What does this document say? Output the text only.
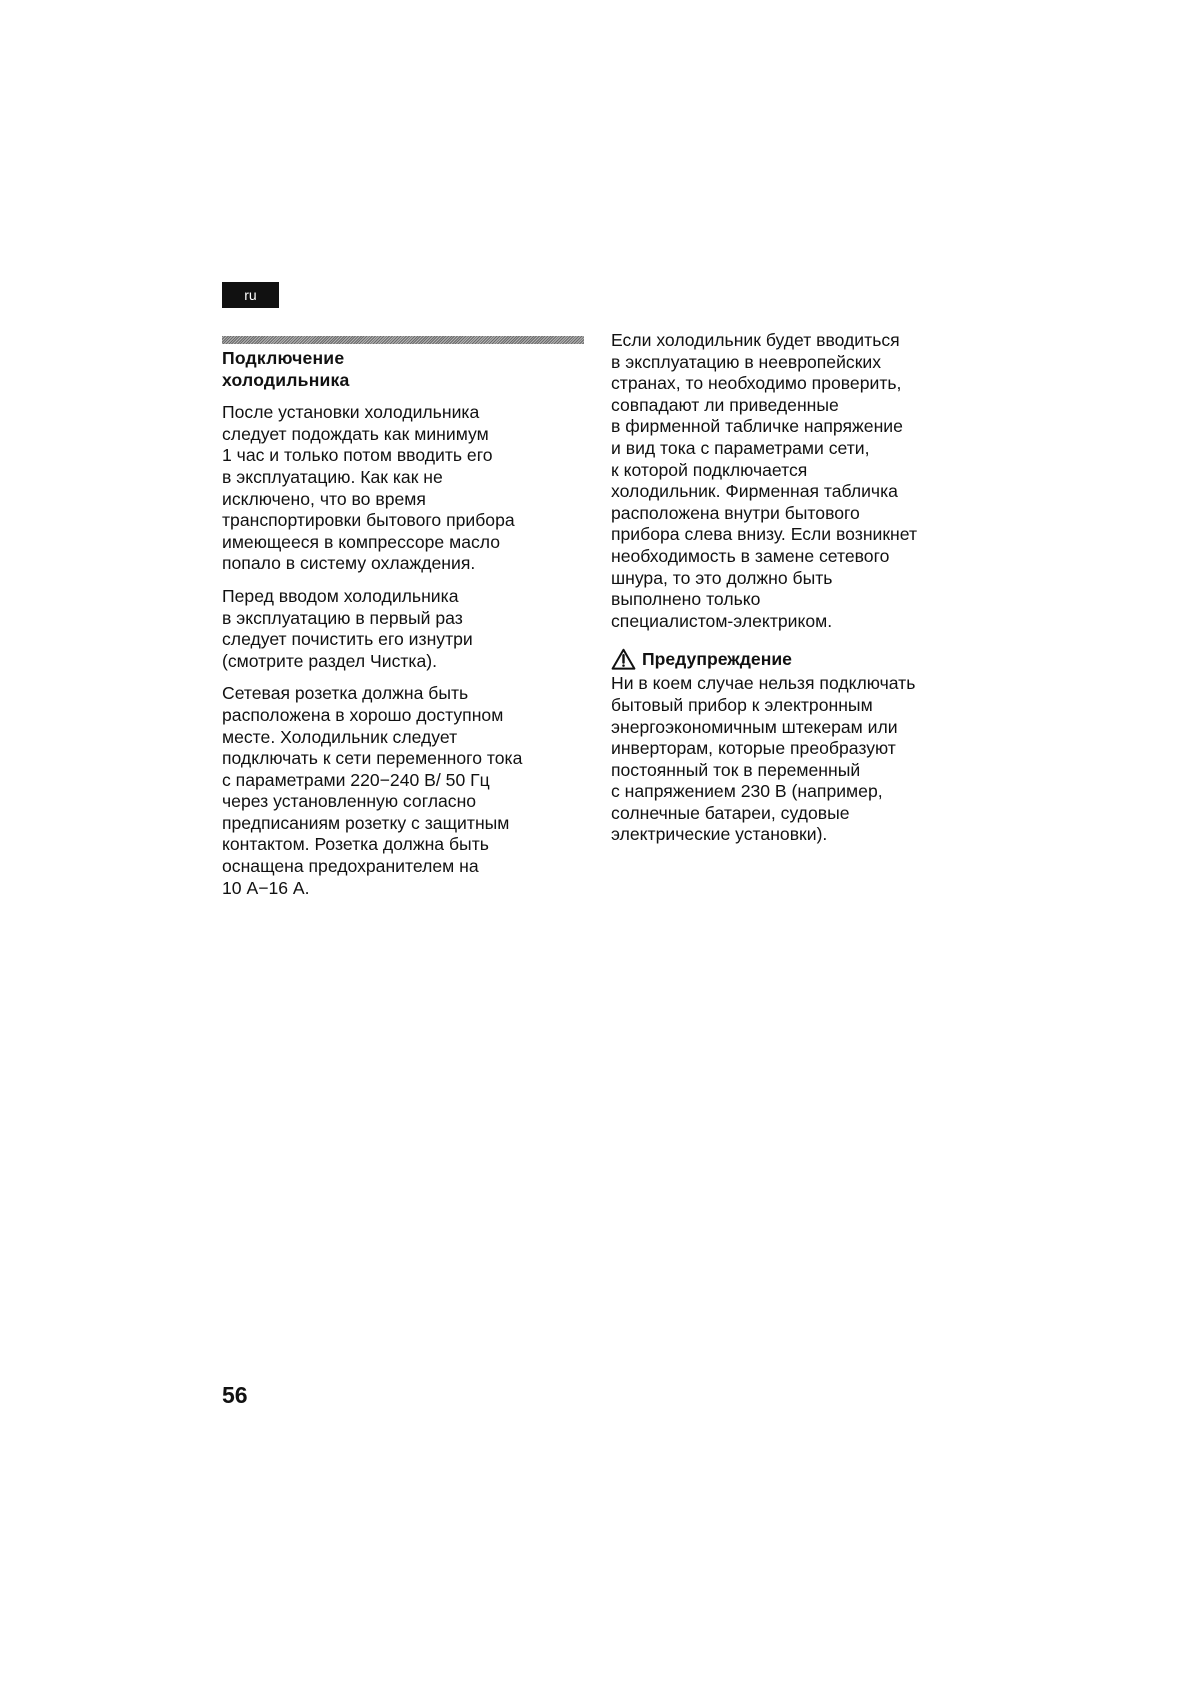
ru
Подключение
холодильника

После установки холодильника
следует подождать как минимум
1 час и только потом вводить его
в эксплуатацию. Как как не
исключено, что во время
транспортировки бытового прибора
имеющееся в компрессоре масло
попало в систему охлаждения.

Перед вводом холодильника
в эксплуатацию в первый раз
следует почистить его изнутри
(смотрите раздел Чистка).

Сетевая розетка должна быть
расположена в хорошо доступном
месте. Холодильник следует
подключать к сети переменного тока
с параметрами 220−240 В/ 50 Гц
через установленную согласно
предписаниям розетку с защитным
контактом. Розетка должна быть
оснащена предохранителем на
10 А−16 А.

Если холодильник будет вводиться
в эксплуатацию в неевропейских
странах, то необходимо проверить,
совпадают ли приведенные
в фирменной табличке напряжение
и вид тока с параметрами сети,
к которой подключается
холодильник. Фирменная табличка
расположена внутри бытового
прибора слева внизу. Если возникнет
необходимость в замене сетевого
шнура, то это должно быть
выполнено только
специалистом-электриком.

Предупреждение

Ни в коем случае нельзя подключать
бытовый прибор к электронным
энергоэкономичным штекерам или
инверторам, которые преобразуют
постоянный ток в переменный
с напряжением 230 В (например,
солнечные батареи, судовые
электрические установки).

56
